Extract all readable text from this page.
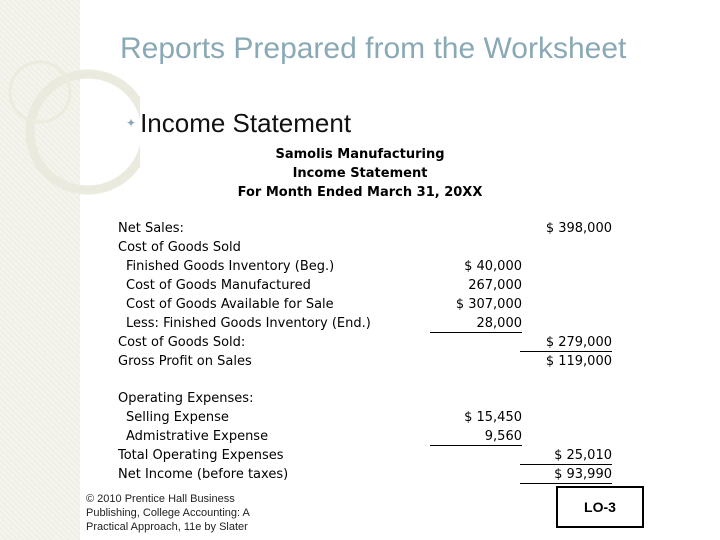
Reports Prepared from the Worksheet
✦ Income Statement
Samolis Manufacturing
Income Statement
For Month Ended March 31, 20XX
Net Sales:	$ 398,000
Cost of Goods Sold
Finished Goods Inventory (Beg.)	$ 40,000
Cost of Goods Manufactured	267,000
Cost of Goods Available for Sale	$ 307,000
Less: Finished Goods Inventory (End.)	28,000
Cost of Goods Sold:	$ 279,000
Gross Profit on Sales	$ 119,000
Operating Expenses:
Selling Expense	$ 15,450
Admistrative Expense	9,560
Total Operating Expenses	$ 25,010
Net Income (before taxes)	$ 93,990
© 2010 Prentice Hall Business Publishing, College Accounting: A Practical Approach, 11e by Slater
LO-3
